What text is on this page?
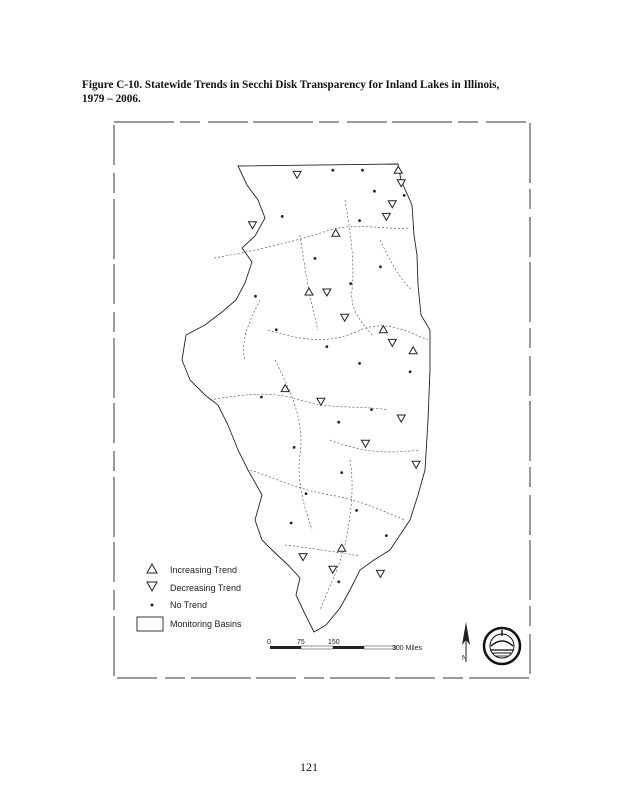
Figure C-10. Statewide Trends in Secchi Disk Transparency for Inland Lakes in Illinois,
1979 – 2006.
Increasing Trend
Decreasing Trend
No Trend
Monitoring Basins
0	75	150
300 Miles
N
121
